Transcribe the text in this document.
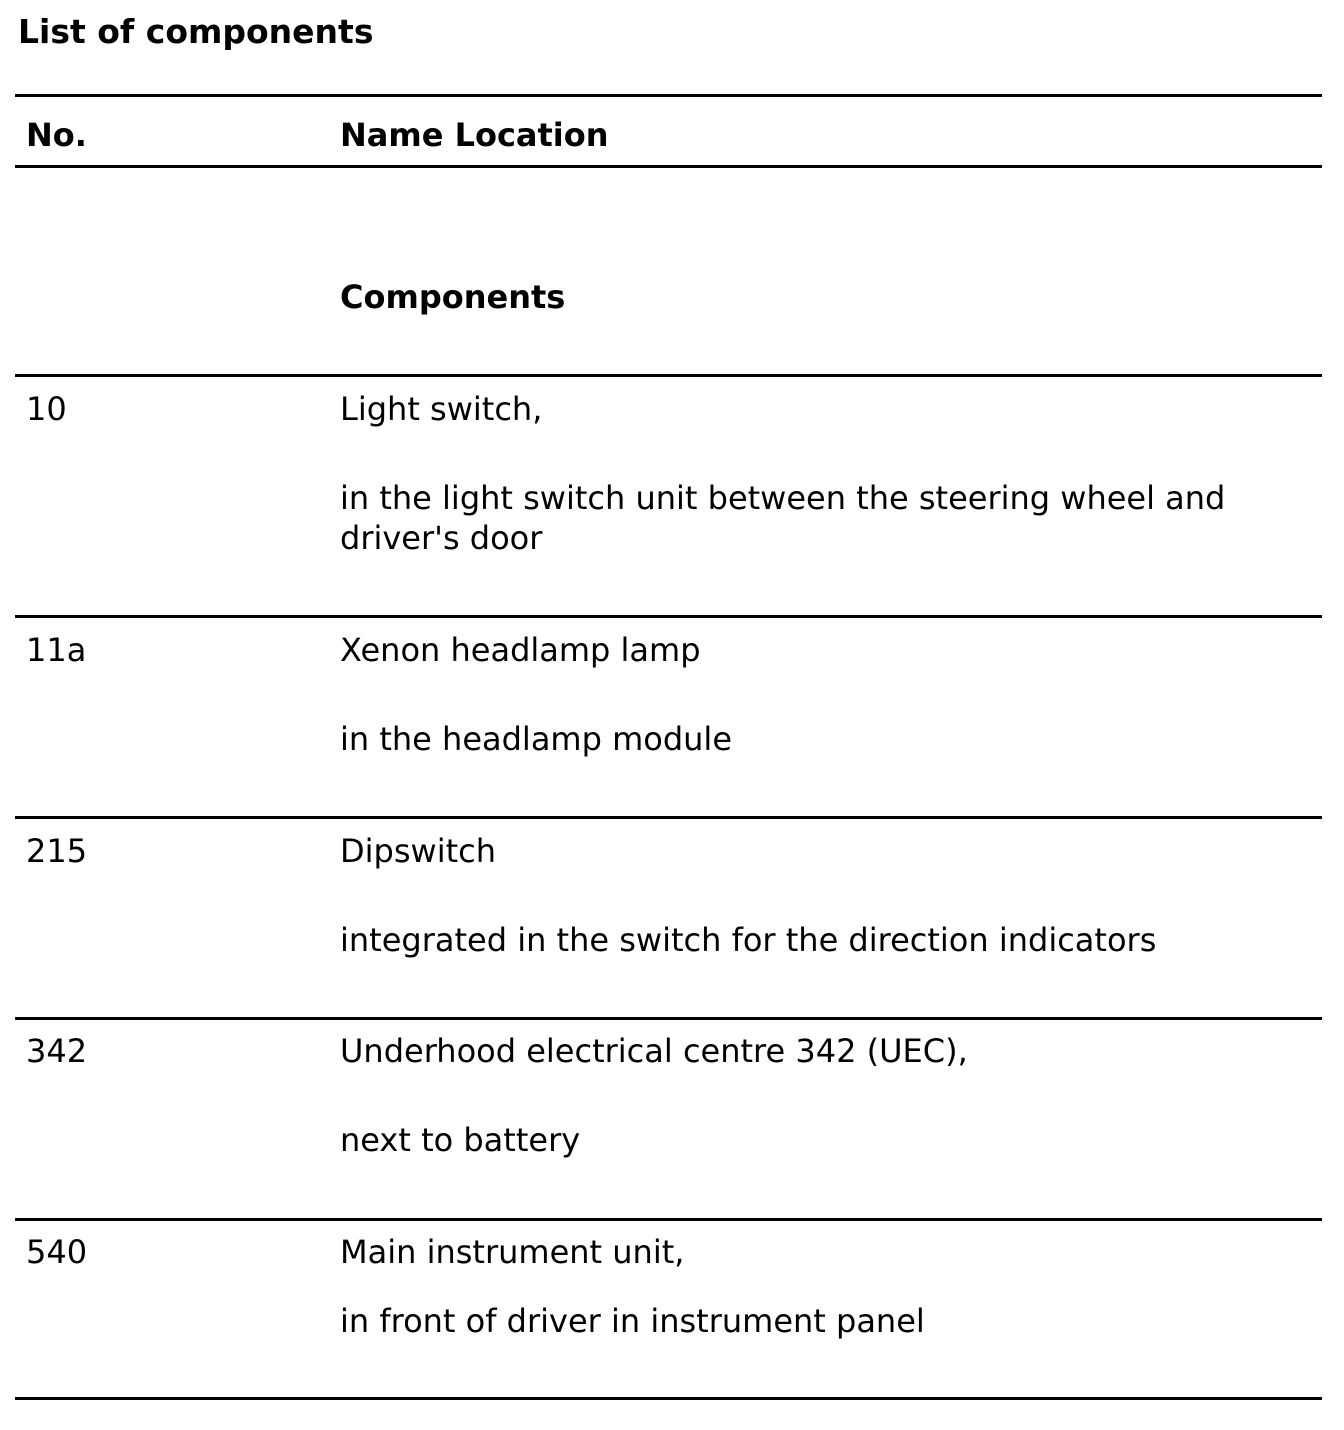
List of components
No.	Name Location
Components
10	Light switch,
in the light switch unit between the steering wheel and driver's door
11a	Xenon headlamp lamp
in the headlamp module
215	Dipswitch
integrated in the switch for the direction indicators
342	Underhood electrical centre 342 (UEC),
next to battery
540	Main instrument unit,
in front of driver in instrument panel
